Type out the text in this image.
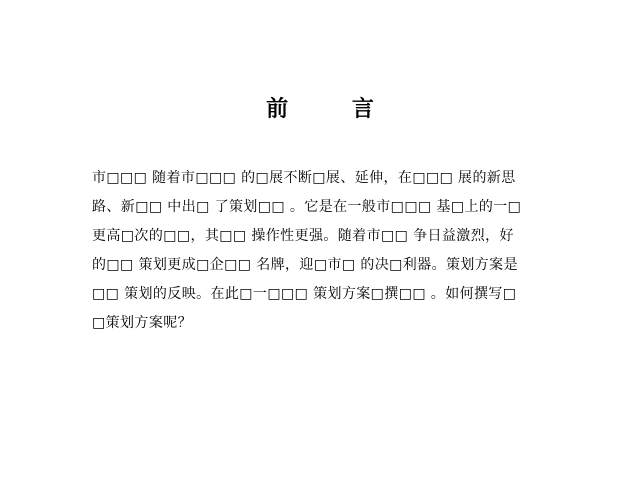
前 言
市□□□ 随着市□□□ 的□展不断□展、延伸，在□□□ 展的新思
路、新□□ 中出□ 了策划□□ 。它是在一般市□□□ 基□上的一□
更高□次的□□，其□□ 操作性更强。随着市□□ 争日益激烈，好
的□□ 策划更成□企□□ 名牌，迎□市□ 的决□利器。策划方案是
□□ 策划的反映。在此□一□□□ 策划方案□撰□□ 。如何撰写□
□策划方案呢？
